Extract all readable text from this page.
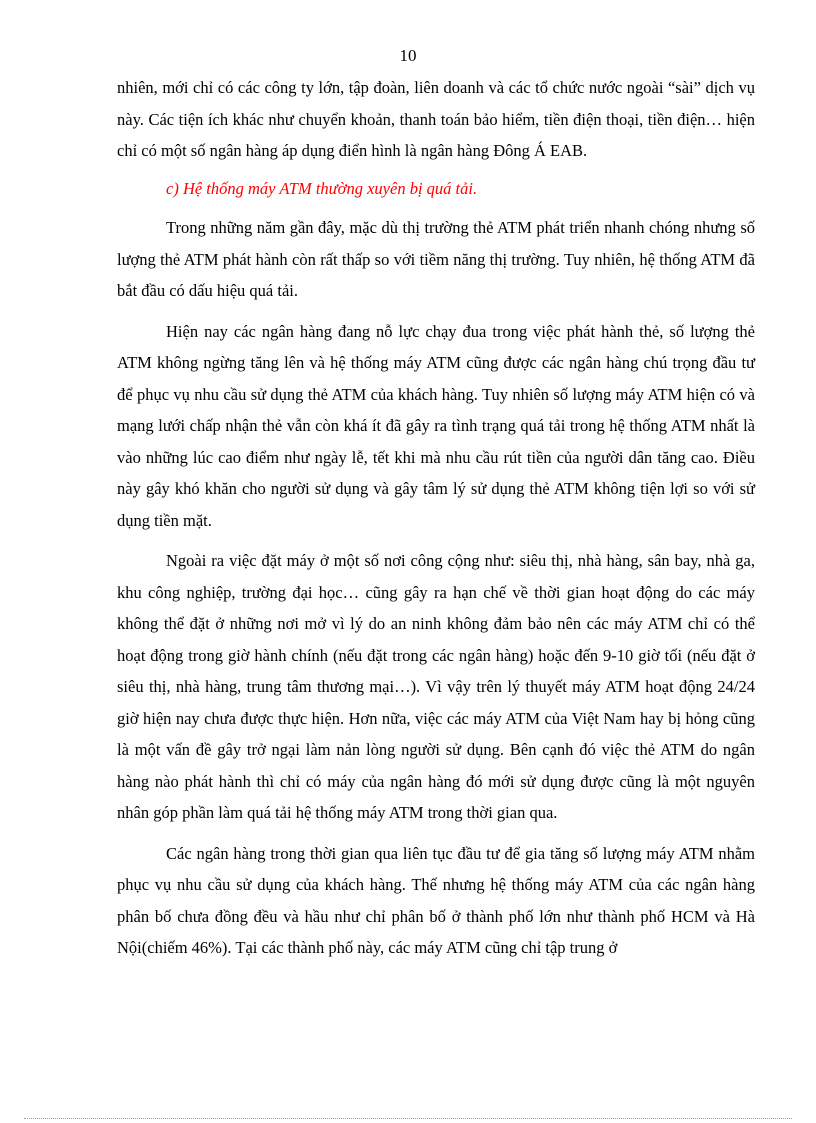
10

nhiên, mới chỉ có các công ty lớn, tập đoàn, liên doanh và các tổ chức nước ngoài “sài” dịch vụ này. Các tiện ích khác như chuyển khoản, thanh toán bảo hiểm, tiền điện thoại, tiền điện… hiện chỉ có một số ngân hàng áp dụng điển hình là ngân hàng Đông Á EAB.

c) Hệ thống máy ATM thường xuyên bị quá tải.

Trong những năm gần đây, mặc dù thị trường thẻ ATM phát triển nhanh chóng nhưng số lượng thẻ ATM phát hành còn rất thấp so với tiềm năng thị trường. Tuy nhiên, hệ thống ATM đã bắt đầu có dấu hiệu quá tải.

Hiện nay các ngân hàng đang nỗ lực chạy đua trong việc phát hành thẻ, số lượng thẻ ATM không ngừng tăng lên và hệ thống máy ATM cũng được các ngân hàng chú trọng đầu tư để phục vụ nhu cầu sử dụng thẻ ATM của khách hàng. Tuy nhiên số lượng máy ATM hiện có và mạng lưới chấp nhận thẻ vẫn còn khá ít đã gây ra tình trạng quá tải trong hệ thống ATM nhất là vào những lúc cao điểm như ngày lễ, tết khi mà nhu cầu rút tiền của người dân tăng cao. Điều này gây khó khăn cho người sử dụng và gây tâm lý sử dụng thẻ ATM không tiện lợi so với sử dụng tiền mặt.

Ngoài ra việc đặt máy ở một số nơi công cộng như: siêu thị, nhà hàng, sân bay, nhà ga, khu công nghiệp, trường đại học… cũng gây ra hạn chế về thời gian hoạt động do các máy không thể đặt ở những nơi mở vì lý do an ninh không đảm bảo nên các máy ATM chỉ có thể hoạt động trong giờ hành chính (nếu đặt trong các ngân hàng) hoặc đến 9-10 giờ tối (nếu đặt ở siêu thị, nhà hàng, trung tâm thương mại…). Vì vậy trên lý thuyết máy ATM hoạt động 24/24 giờ hiện nay chưa được thực hiện. Hơn nữa, việc các máy ATM của Việt Nam hay bị hỏng cũng là một vấn đề gây trở ngại làm nản lòng người sử dụng. Bên cạnh đó việc thẻ ATM do ngân hàng nào phát hành thì chỉ có máy của ngân hàng đó mới sử dụng được cũng là một nguyên nhân góp phần làm quá tải hệ thống máy ATM trong thời gian qua.

Các ngân hàng trong thời gian qua liên tục đầu tư để gia tăng số lượng máy ATM nhằm phục vụ nhu cầu sử dụng của khách hàng. Thế nhưng hệ thống máy ATM của các ngân hàng phân bố chưa đồng đều và hầu như chỉ phân bố ở thành phố lớn như thành phố HCM và Hà Nội(chiếm 46%). Tại các thành phố này, các máy ATM cũng chỉ tập trung ở
